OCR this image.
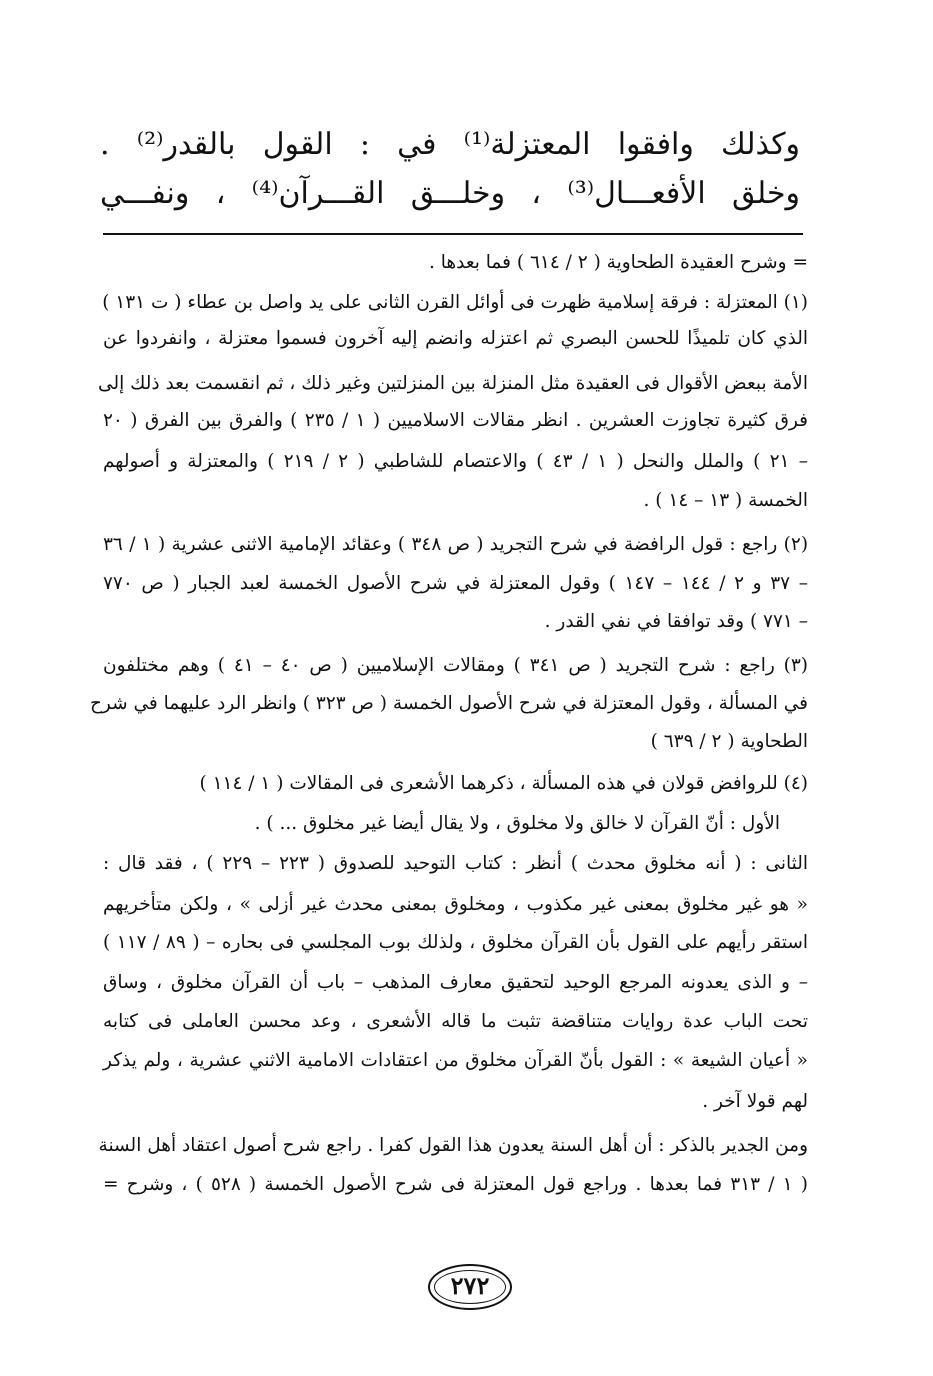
وكذلك وافقوا المعتزلة⁽¹⁾ في : القول بالقدر⁽²⁾ .
وخلق الأفعـــال⁽³⁾ ، وخلـــق القـــرآن⁽⁴⁾ ، ونفـــي
= وشرح العقيدة الطحاوية ( ٢ / ٦١٤ ) فما بعدها .
(١) المعتزلة : فرقة إسلامية ظهرت فى أوائل القرن الثانى على يد واصل بن عطاء ( ت ١٣١ )
الذي كان تلميذًا للحسن البصري ثم اعتزله وانضم إليه آخرون فسموا معتزلة ، وانفردوا عن
الأمة ببعض الأقوال فى العقيدة مثل المنزلة بين المنزلتين وغير ذلك ، ثم انقسمت بعد ذلك إلى
فرق كثيرة تجاوزت العشرين . انظر مقالات الاسلاميين ( ١ / ٢٣٥ ) والفرق بين الفرق ( ٢٠
– ٢١ ) والملل والنحل ( ١ / ٤٣ ) والاعتصام للشاطبي ( ٢ / ٢١٩ ) والمعتزلة و أصولهم
الخمسة ( ١٣ – ١٤ ) .
(٢) راجع : قول الرافضة في شرح التجريد ( ص ٣٤٨ ) وعقائد الإمامية الاثنى عشرية ( ١ / ٣٦
– ٣٧ و ٢ / ١٤٤ – ١٤٧ ) وقول المعتزلة في شرح الأصول الخمسة لعبد الجبار ( ص ٧٧٠
– ٧٧١ ) وقد توافقا في نفي القدر .
(٣) راجع : شرح التجريد ( ص ٣٤١ ) ومقالات الإسلاميين ( ص ٤٠ – ٤١ ) وهم مختلفون
في المسألة ، وقول المعتزلة في شرح الأصول الخمسة ( ص ٣٢٣ ) وانظر الرد عليهما في شرح
الطحاوية ( ٢ / ٦٣٩ )
(٤) للروافض قولان في هذه المسألة ، ذكرهما الأشعرى فى المقالات ( ١ / ١١٤ )
الأول : أنّ القرآن لا خالق ولا مخلوق ، ولا يقال أيضا غير مخلوق ... ) .
الثانى : ( أنه مخلوق محدث ) أنظر : كتاب التوحيد للصدوق ( ٢٢٣ – ٢٢٩ ) ، فقد قال :
« هو غير مخلوق بمعنى غير مكذوب ، ومخلوق بمعنى محدث غير أزلى » ، ولكن متأخريهم
استقر رأيهم على القول بأن القرآن مخلوق ، ولذلك بوب المجلسي فى بحاره – ( ٨٩ / ١١٧ )
– و الذى يعدونه المرجع الوحيد لتحقيق معارف المذهب – باب أن القرآن مخلوق ، وساق
تحت الباب عدة روايات متناقضة تثبت ما قاله الأشعرى ، وعد محسن العاملى فى كتابه
« أعيان الشيعة » : القول بأنّ القرآن مخلوق من اعتقادات الامامية الاثني عشرية ، ولم يذكر
لهم قولا آخر .
ومن الجدير بالذكر : أن أهل السنة يعدون هذا القول كفرا . راجع شرح أصول اعتقاد أهل السنة
( ١ / ٣١٣ فما بعدها . وراجع قول المعتزلة فى شرح الأصول الخمسة ( ٥٢٨ ) ، وشرح =
٢٧٢
